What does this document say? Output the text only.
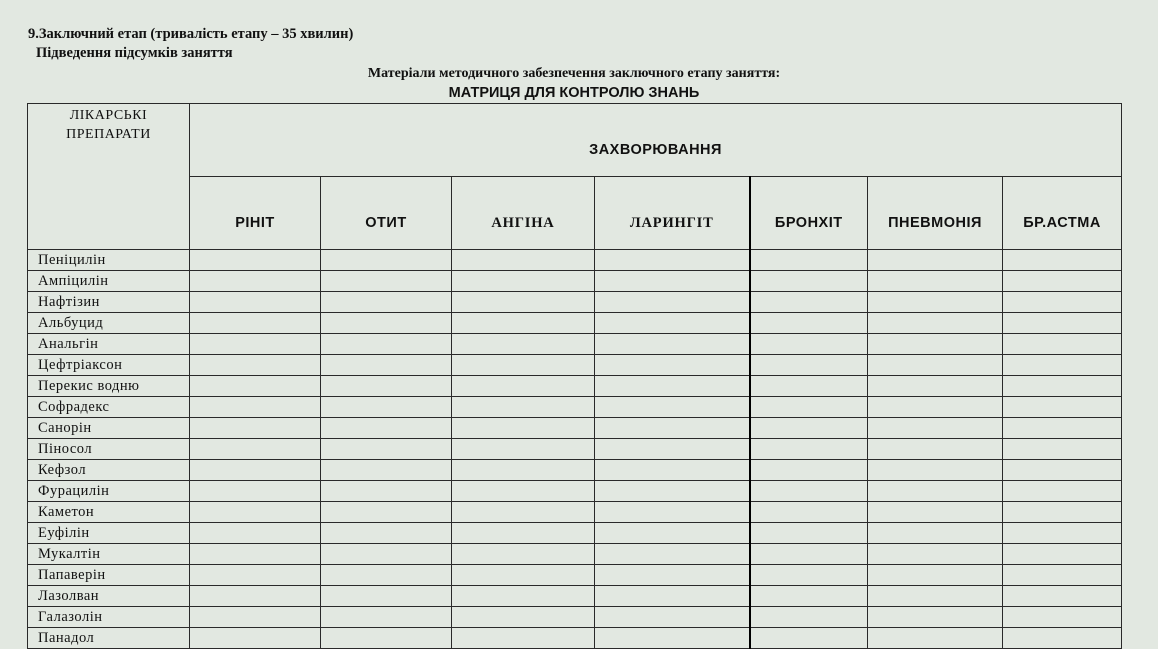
9.Заключний етап (тривалість етапу – 35 хвилин)
Підведення підсумків заняття
Матеріали методичного забезпечення заключного етапу заняття:
МАТРИЦЯ ДЛЯ КОНТРОЛЮ ЗНАНЬ
ЛІКАРСЬКІ
ПРЕПАРАТИ	ЗАХВОРЮВАННЯ						
	РІНІТ	ОТИТ	АНГІНА	ЛАРИНГІТ	БРОНХІТ	ПНЕВМОНІЯ	БР.АСТМА
Пеніцилін							
Ампіцилін							
Нафтізин							
Альбуцид							
Анальгін							
Цефтріаксон							
Перекис водню							
Софрадекс							
Санорін							
Піносол							
Кефзол							
Фурацилін							
Каметон							
Еуфілін							
Мукалтін							
Папаверін							
Лазолван							
Галазолін							
Панадол							
